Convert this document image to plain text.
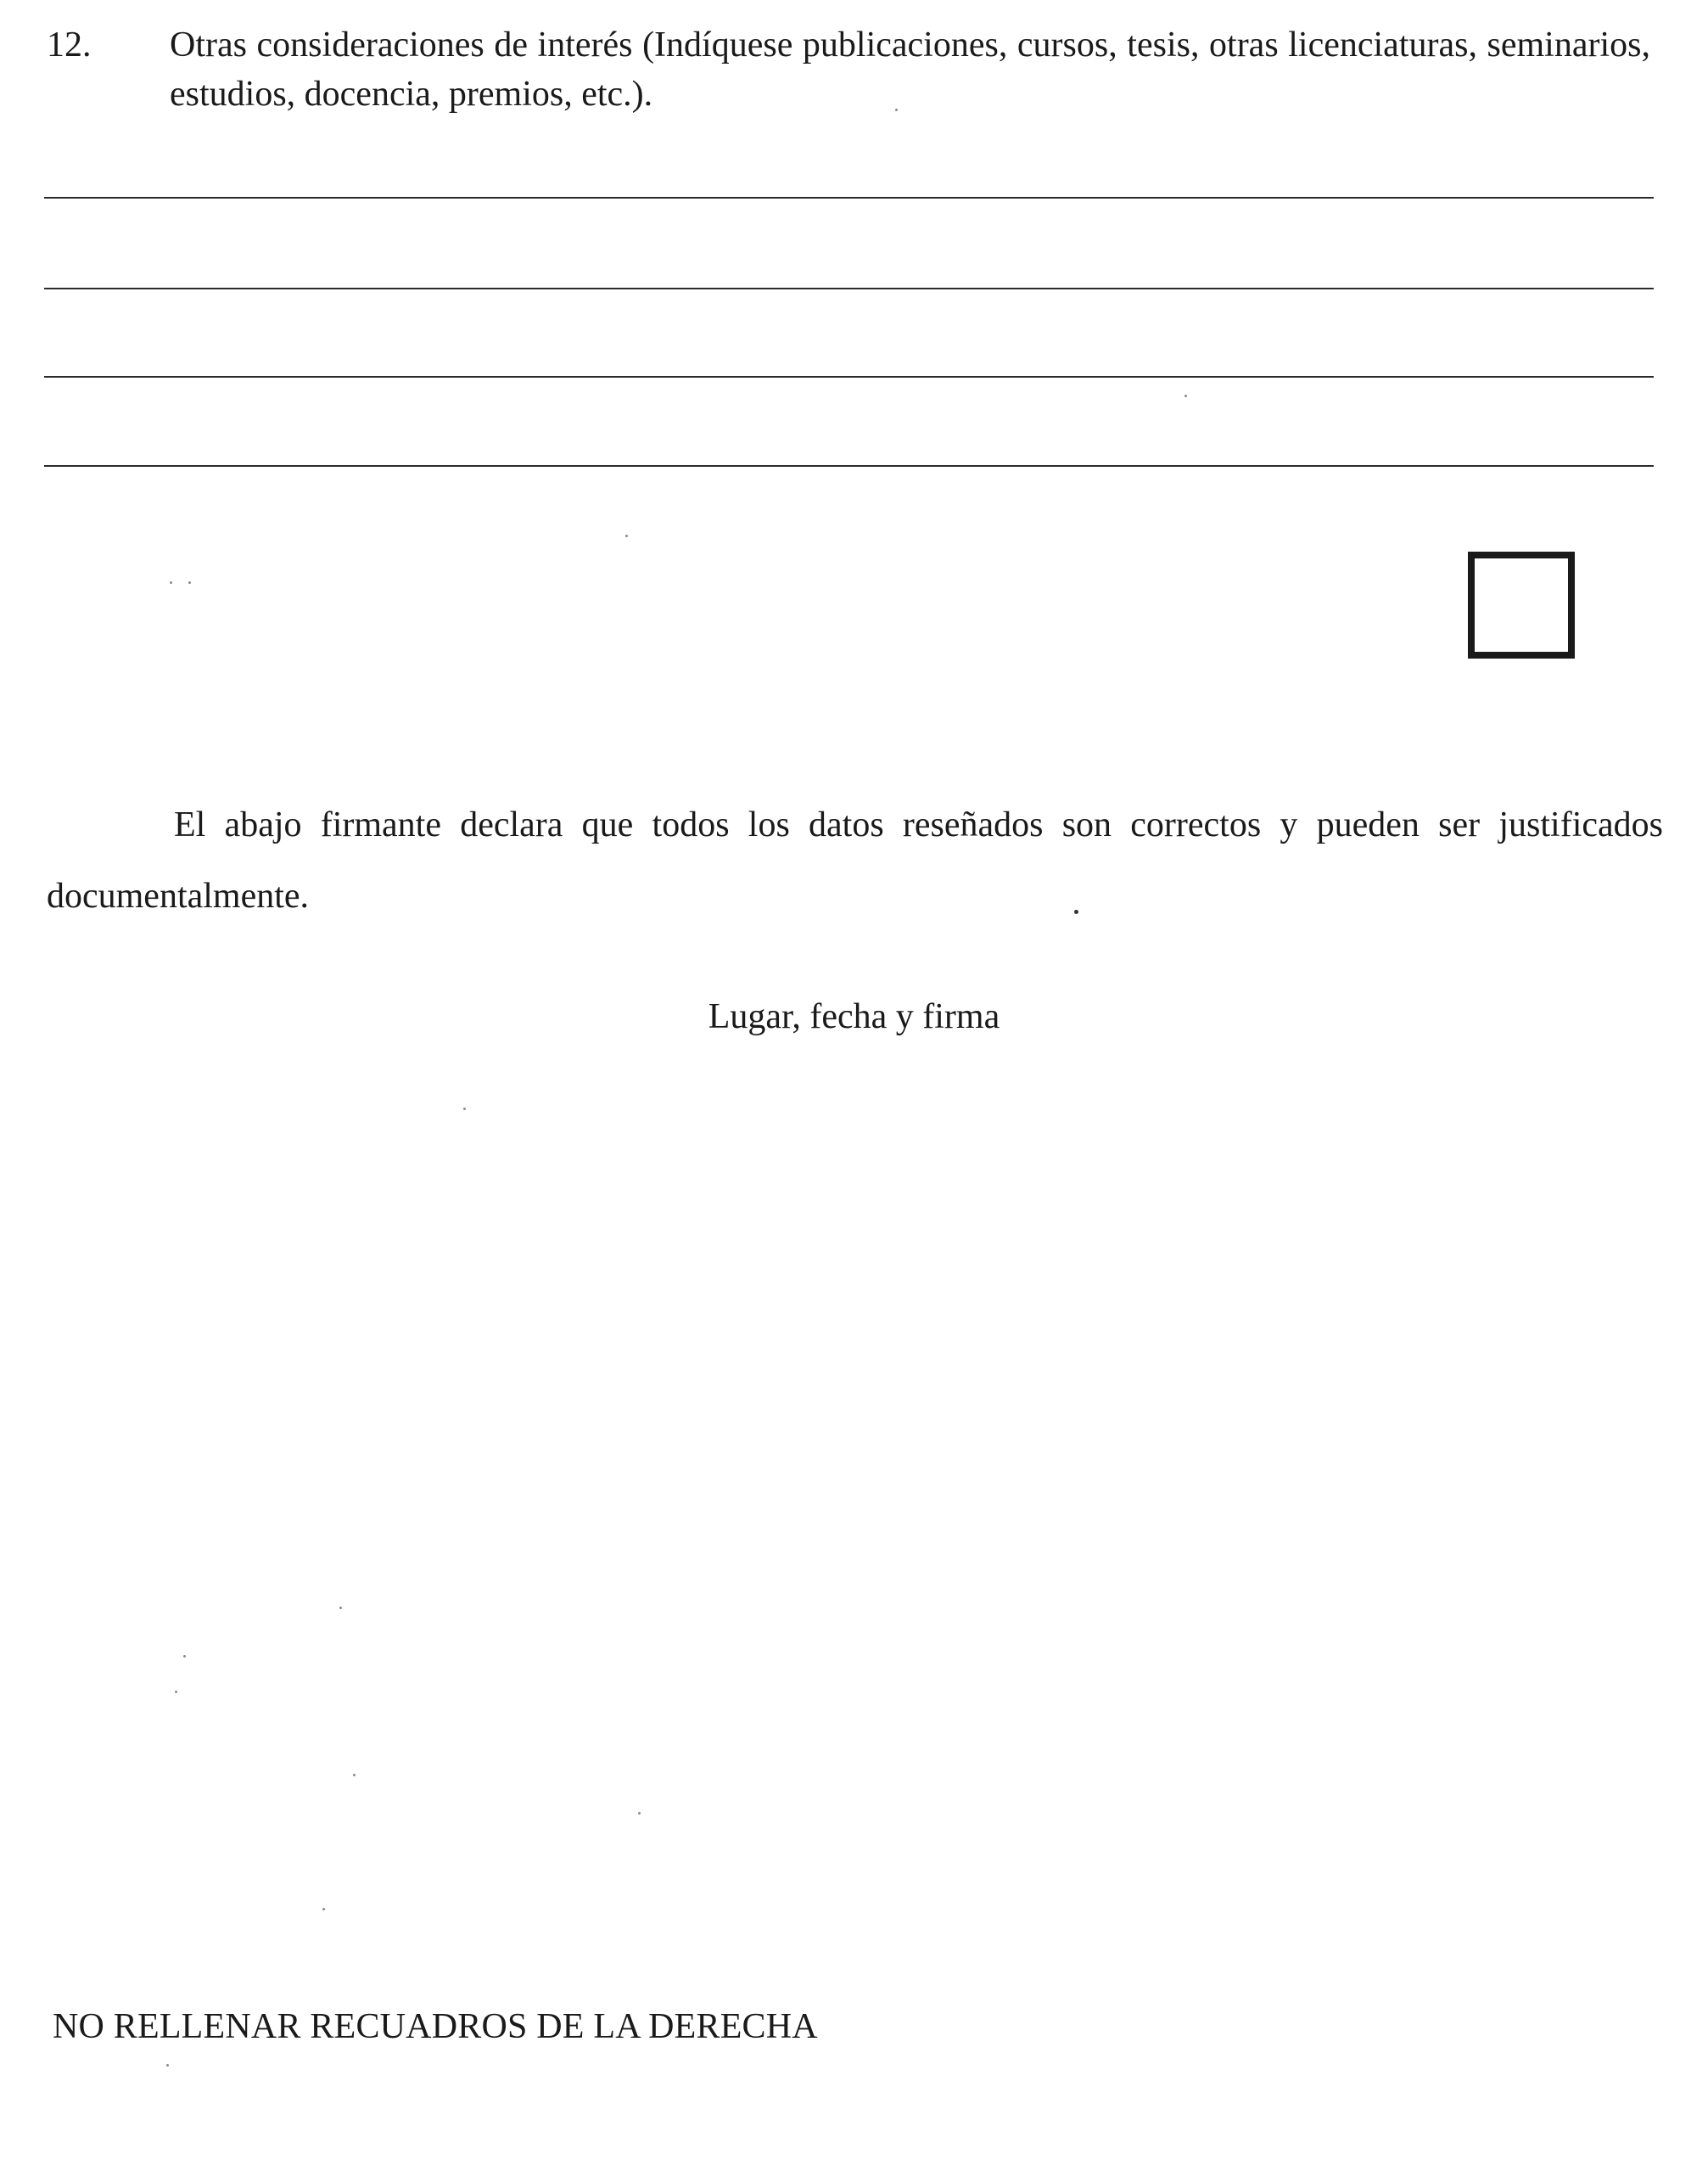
12. Otras consideraciones de interés (Indíquese publicaciones, cursos, tesis, otras licenciaturas, seminarios, estudios, docencia, premios, etc.).
El abajo firmante declara que todos los datos reseñados son correctos y pueden ser justificados documentalmente.
Lugar, fecha y firma
NO RELLENAR RECUADROS DE LA DERECHA
